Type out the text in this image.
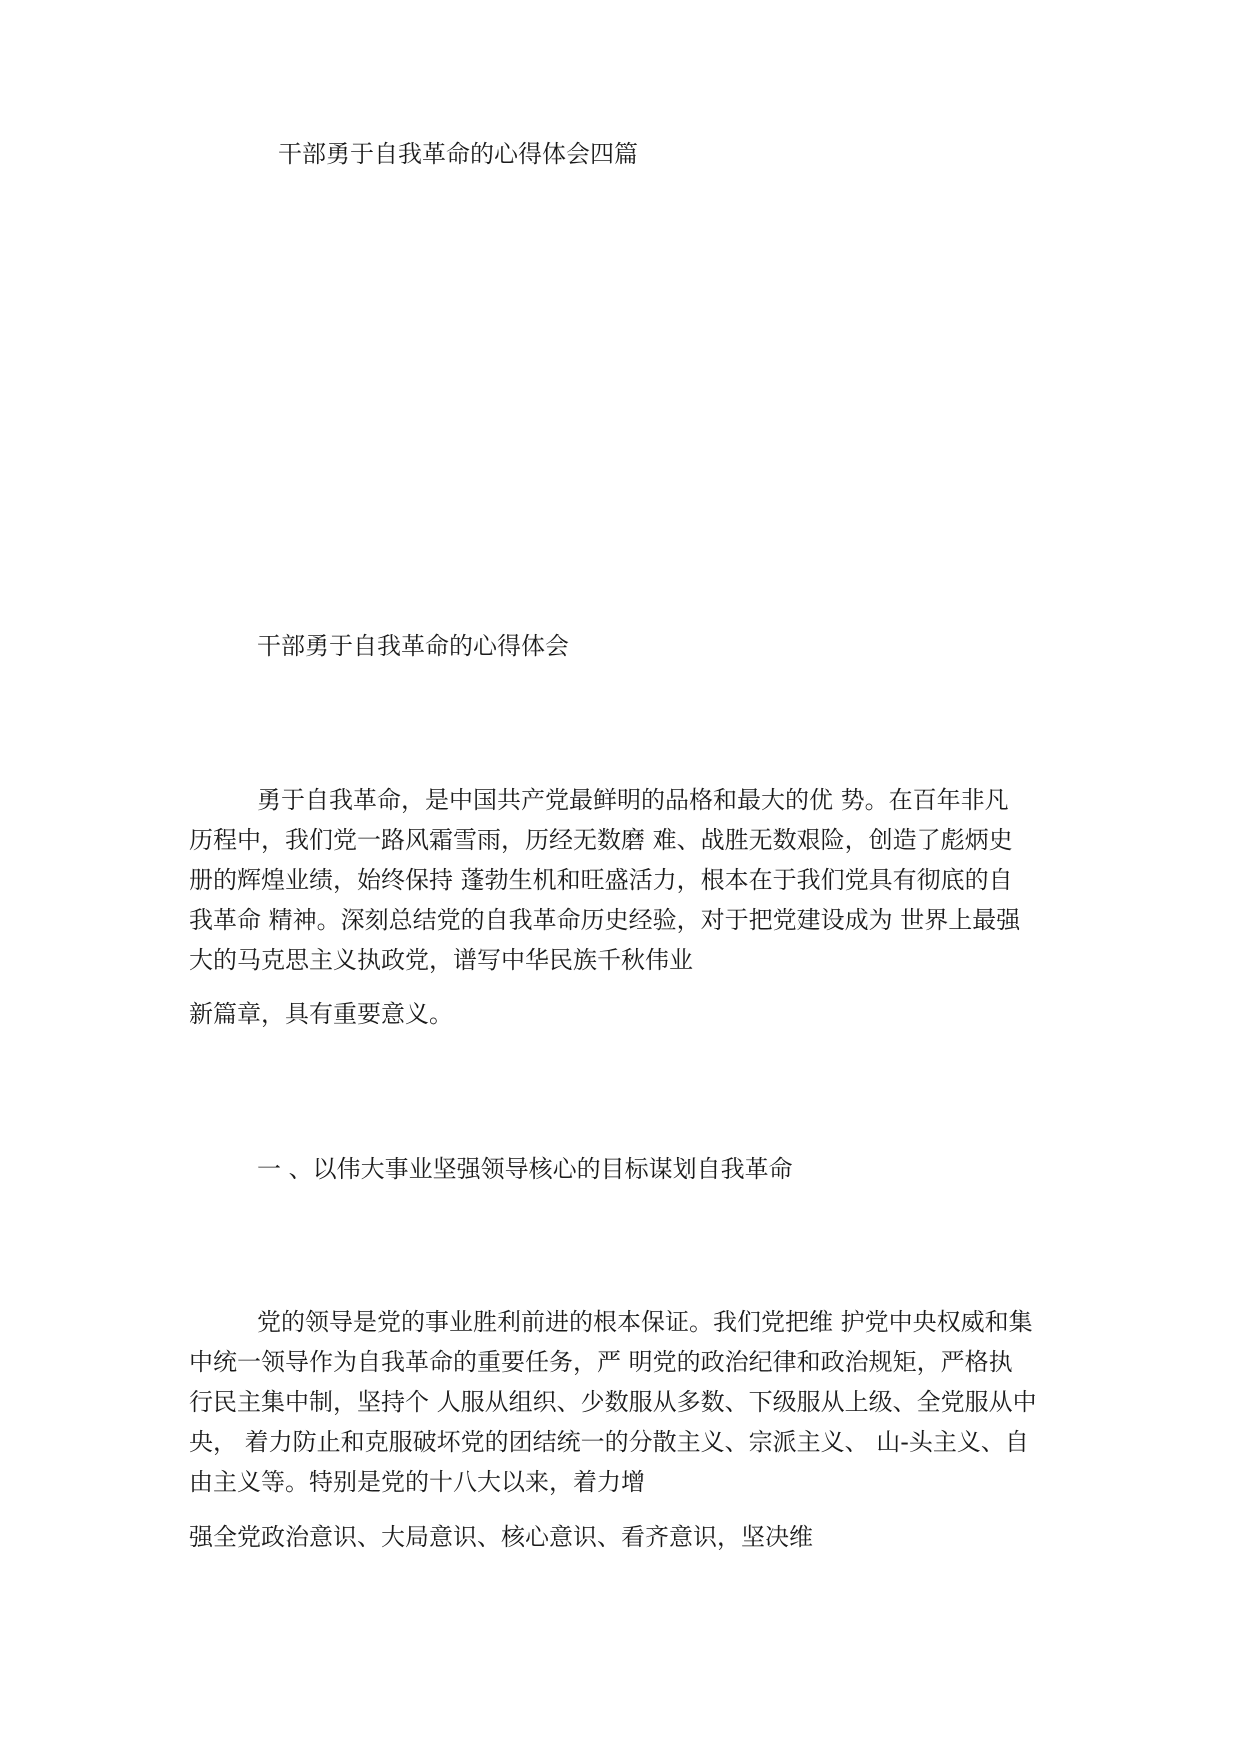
干部勇于自我革命的心得体会四篇
干部勇于自我革命的心得体会
勇于自我革命，是中国共产党最鲜明的品格和最大的优 势。在百年非凡
历程中，我们党一路风霜雪雨，历经无数磨 难、战胜无数艰险，创造了彪炳史
册的辉煌业绩，始终保持 蓬勃生机和旺盛活力，根本在于我们党具有彻底的自
我革命 精神。深刻总结党的自我革命历史经验，对于把党建设成为 世界上最强
大的马克思主义执政党，谱写中华民族千秋伟业
新篇章，具有重要意义。
一 、以伟大事业坚强领导核心的目标谋划自我革命
党的领导是党的事业胜利前进的根本保证。我们党把维 护党中央权威和集
中统一领导作为自我革命的重要任务，严 明党的政治纪律和政治规矩，严格执
行民主集中制，坚持个 人服从组织、少数服从多数、下级服从上级、全党服从中
央， 着力防止和克服破坏党的团结统一的分散主义、宗派主义、 山-头主义、自
由主义等。特别是党的十八大以来，着力增
强全党政治意识、大局意识、核心意识、看齐意识，坚决维
